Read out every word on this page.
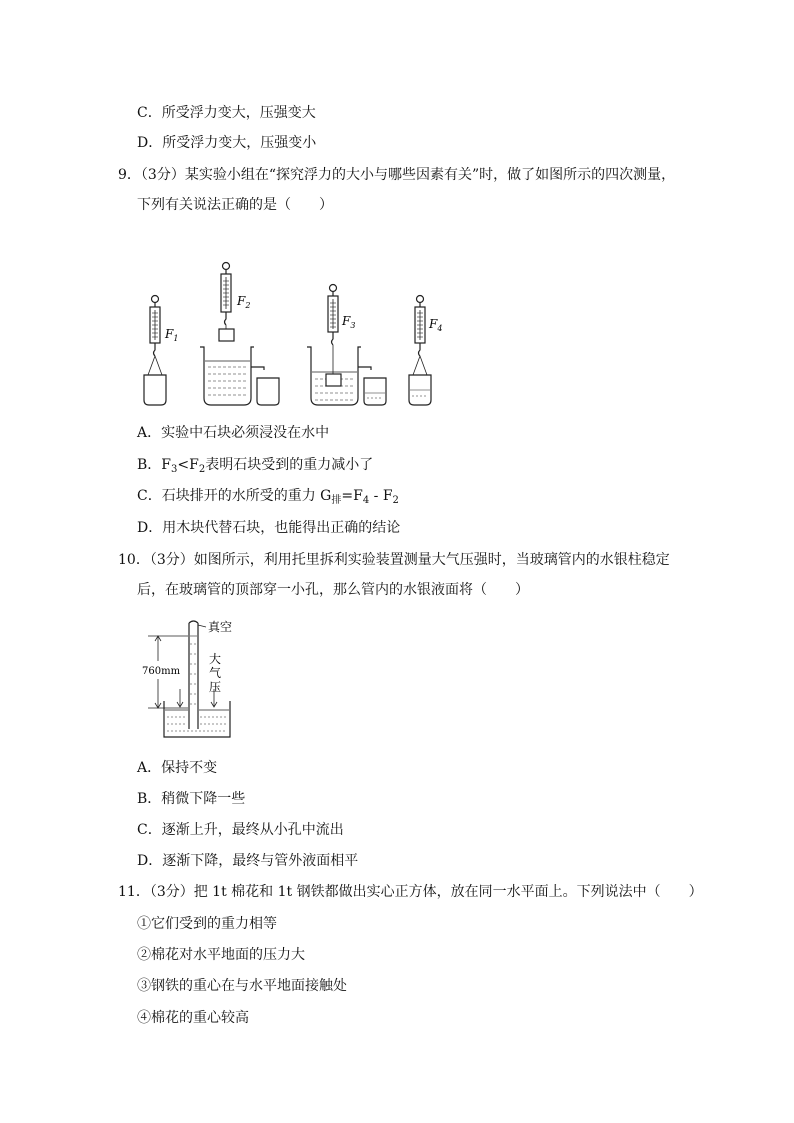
C．所受浮力变大，压强变大
D．所受浮力变大，压强变小
9．（3分）某实验小组在“探究浮力的大小与哪些因素有关”时，做了如图所示的四次测量，
下列有关说法正确的是（　　）
$F_1$
$F_2$
$F_3$	$F_4$
A．实验中石块必须浸没在水中
B．$F_3<F_2$表明石块受到的重力减小了
C．石块排开的水所受的重力 $G_排=F_4 - F_2$
D．用木块代替石块，也能得出正确的结论
10．（3分）如图所示，利用托里拆利实验装置测量大气压强时，当玻璃管内的水银柱稳定
后，在玻璃管的顶部穿一小孔，那么管内的水银液面将（　　）
真空
760mm
大
气
压
A．保持不变
B．稍微下降一些
C．逐渐上升，最终从小孔中流出
D．逐渐下降，最终与管外液面相平
11．（3分）把 1t 棉花和 1t 钢铁都做出实心正方体，放在同一水平面上。下列说法中（　　）
①它们受到的重力相等
②棉花对水平地面的压力大
③钢铁的重心在与水平地面接触处
④棉花的重心较高
